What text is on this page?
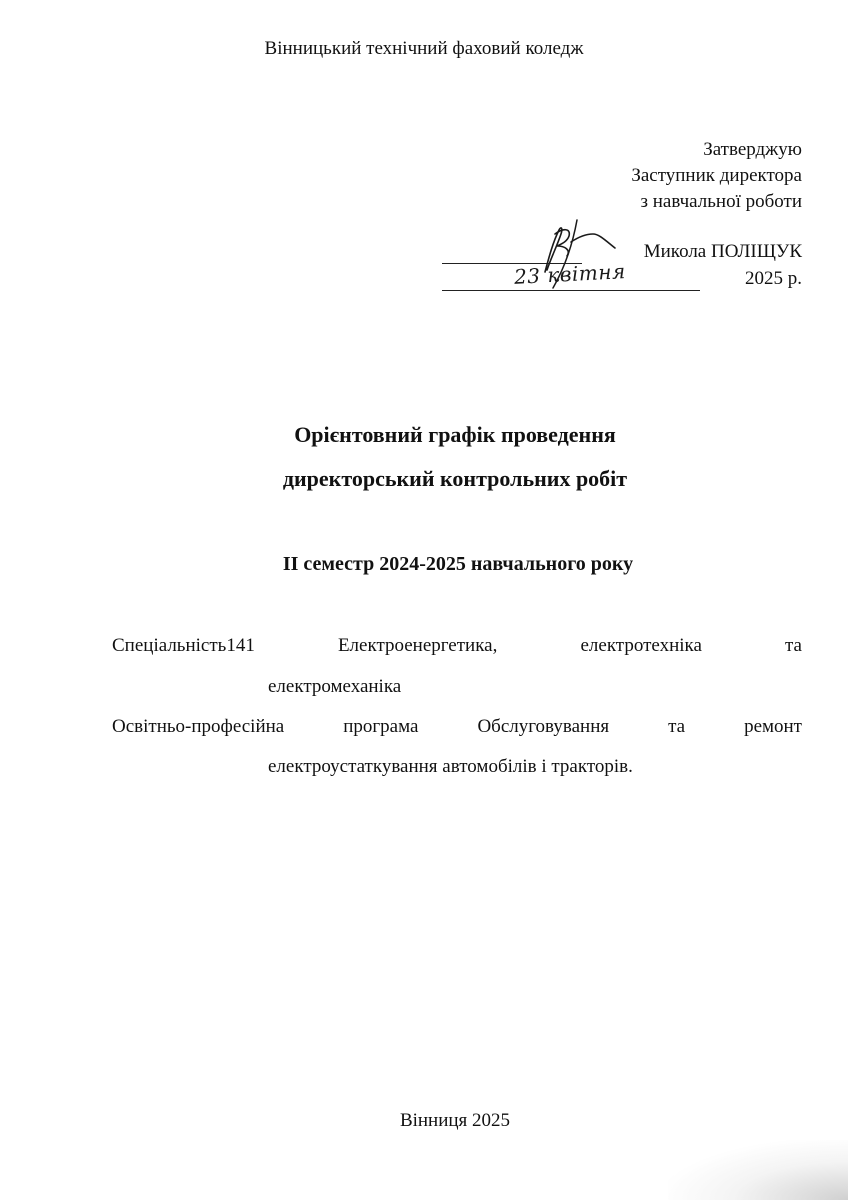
Вінницький технічний фаховий коледж
Затверджую
Заступник директора
з навчальної роботи
Микола ПОЛІЩУК
23 квітня	2025 р.
Орієнтовний графік проведення
директорський контрольних робіт
ІІ семестр 2024-2025 навчального року
Спеціальність141	Електроенергетика,	електротехніка	та
електромеханіка
Освітньо-професійна	програма	Обслуговування	та	ремонт
електроустаткування автомобілів і тракторів.
Вінниця 2025
